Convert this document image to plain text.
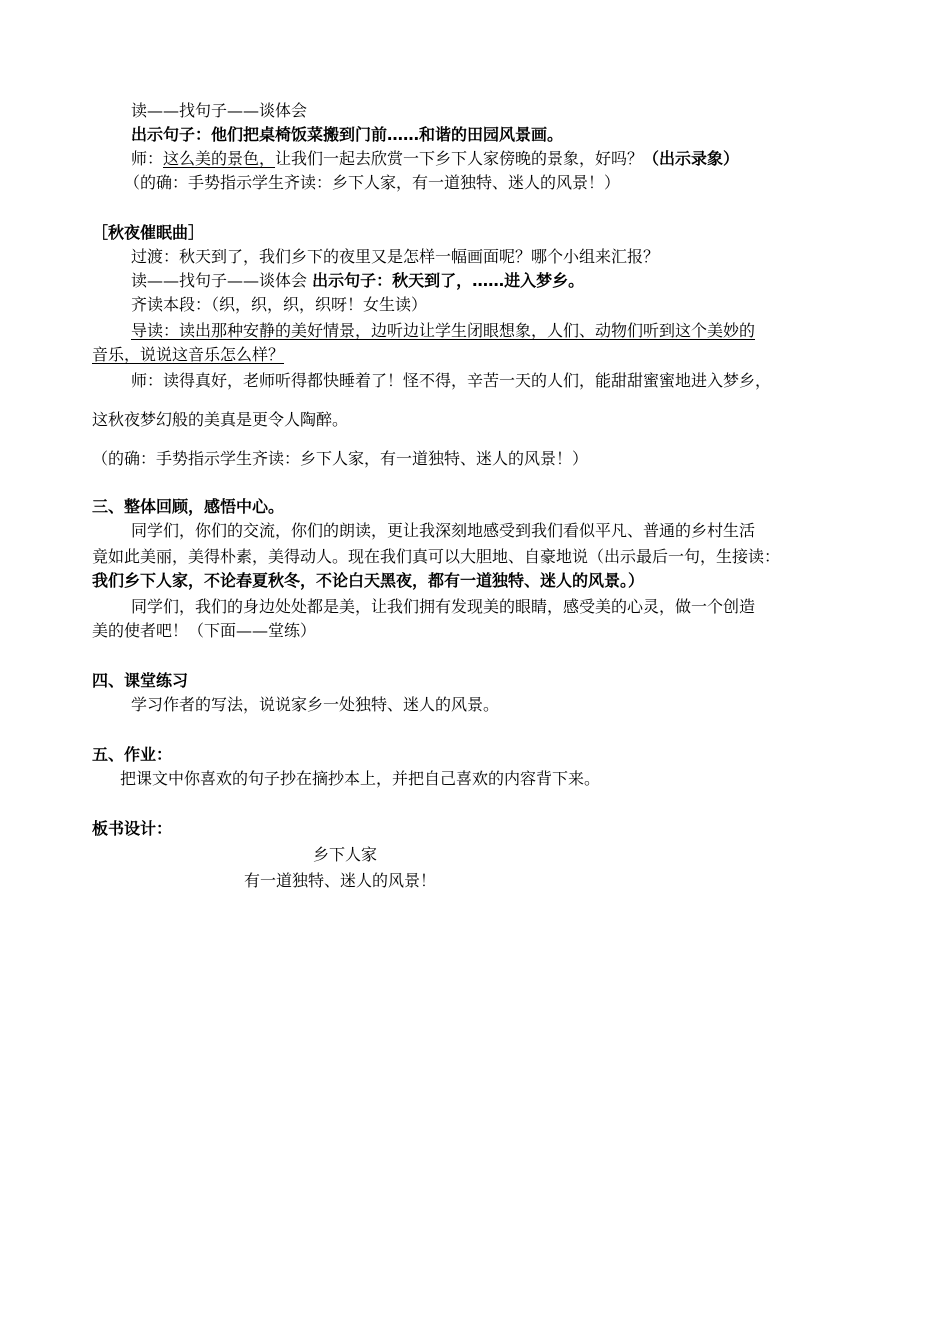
读——找句子——谈体会
出示句子：他们把桌椅饭菜搬到门前……和谐的田园风景画。
师：这么美的景色，让我们一起去欣赏一下乡下人家傍晚的景象，好吗？（出示录象）
（的确：手势指示学生齐读：乡下人家，有一道独特、迷人的风景！）
［秋夜催眠曲］
过渡：秋天到了，我们乡下的夜里又是怎样一幅画面呢？哪个小组来汇报？
读——找句子——谈体会 出示句子：秋天到了，……进入梦乡。
齐读本段：（织，织，织，织呀！女生读）
导读：读出那种安静的美好情景，边听边让学生闭眼想象，人们、动物们听到这个美妙的
音乐，说说这音乐怎么样？
师：读得真好，老师听得都快睡着了！怪不得，辛苦一天的人们，能甜甜蜜蜜地进入梦乡，
这秋夜梦幻般的美真是更令人陶醉。
（的确：手势指示学生齐读：乡下人家，有一道独特、迷人的风景！）
三、整体回顾，感悟中心。
同学们，你们的交流，你们的朗读，更让我深刻地感受到我们看似平凡、普通的乡村生活
竟如此美丽，美得朴素，美得动人。现在我们真可以大胆地、自豪地说（出示最后一句，生接读：
我们乡下人家，不论春夏秋冬，不论白天黑夜，都有一道独特、迷人的风景。）
同学们，我们的身边处处都是美，让我们拥有发现美的眼睛，感受美的心灵，做一个创造
美的使者吧！（下面——堂练）
四、课堂练习
学习作者的写法，说说家乡一处独特、迷人的风景。
五、作业：
把课文中你喜欢的句子抄在摘抄本上，并把自己喜欢的内容背下来。
板书设计：
乡下人家
有一道独特、迷人的风景！
